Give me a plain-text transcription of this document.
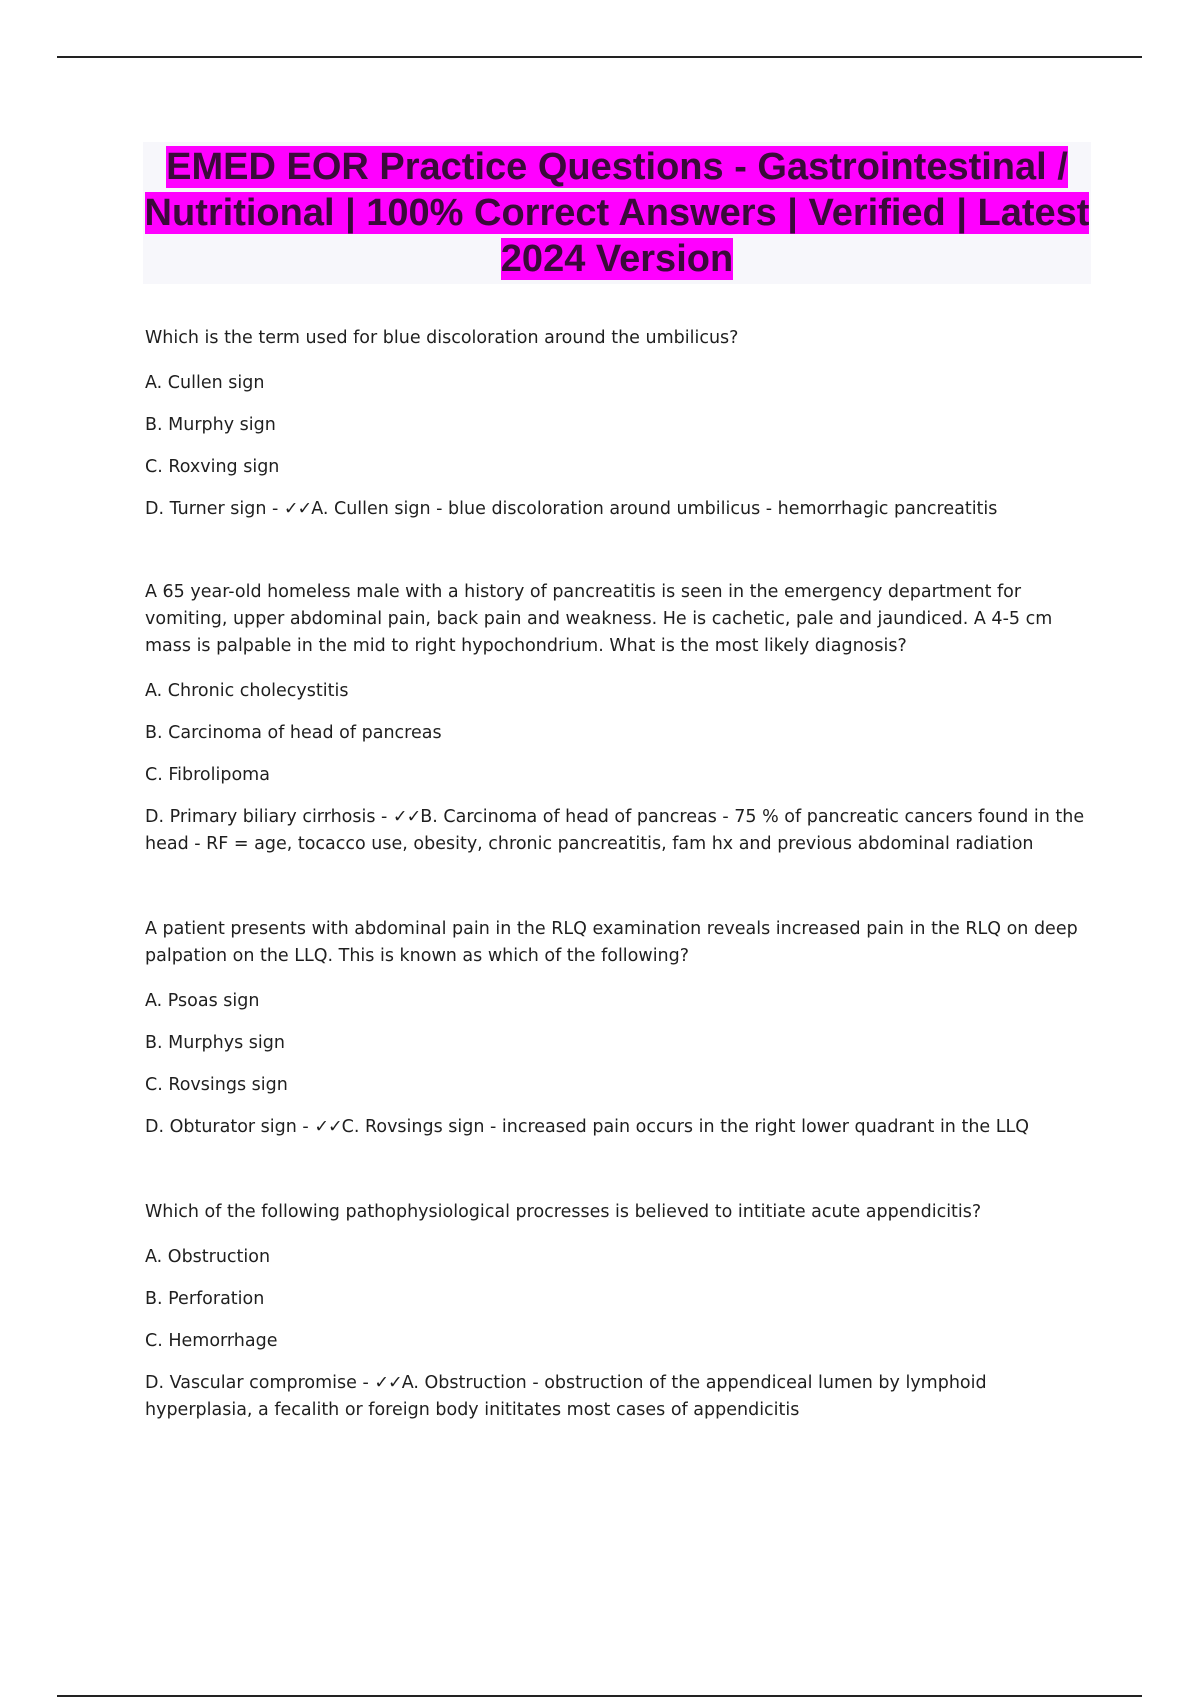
EMED EOR Practice Questions - Gastrointestinal / Nutritional | 100% Correct Answers | Verified | Latest 2024 Version

Which is the term used for blue discoloration around the umbilicus?

A. Cullen sign

B. Murphy sign

C. Roxving sign

D. Turner sign - ✓✓A. Cullen sign - blue discoloration around umbilicus - hemorrhagic pancreatitis

A 65 year-old homeless male with a history of pancreatitis is seen in the emergency department for vomiting, upper abdominal pain, back pain and weakness. He is cachetic, pale and jaundiced. A 4-5 cm mass is palpable in the mid to right hypochondrium. What is the most likely diagnosis?

A. Chronic cholecystitis

B. Carcinoma of head of pancreas

C. Fibrolipoma

D. Primary biliary cirrhosis - ✓✓B. Carcinoma of head of pancreas - 75 % of pancreatic cancers found in the head - RF = age, tocacco use, obesity, chronic pancreatitis, fam hx and previous abdominal radiation

A patient presents with abdominal pain in the RLQ examination reveals increased pain in the RLQ on deep palpation on the LLQ. This is known as which of the following?

A. Psoas sign

B. Murphys sign

C. Rovsings sign

D. Obturator sign - ✓✓C. Rovsings sign - increased pain occurs in the right lower quadrant in the LLQ

Which of the following pathophysiological procresses is believed to intitiate acute appendicitis?

A. Obstruction

B. Perforation

C. Hemorrhage

D. Vascular compromise - ✓✓A. Obstruction - obstruction of the appendiceal lumen by lymphoid hyperplasia, a fecalith or foreign body inititates most cases of appendicitis
